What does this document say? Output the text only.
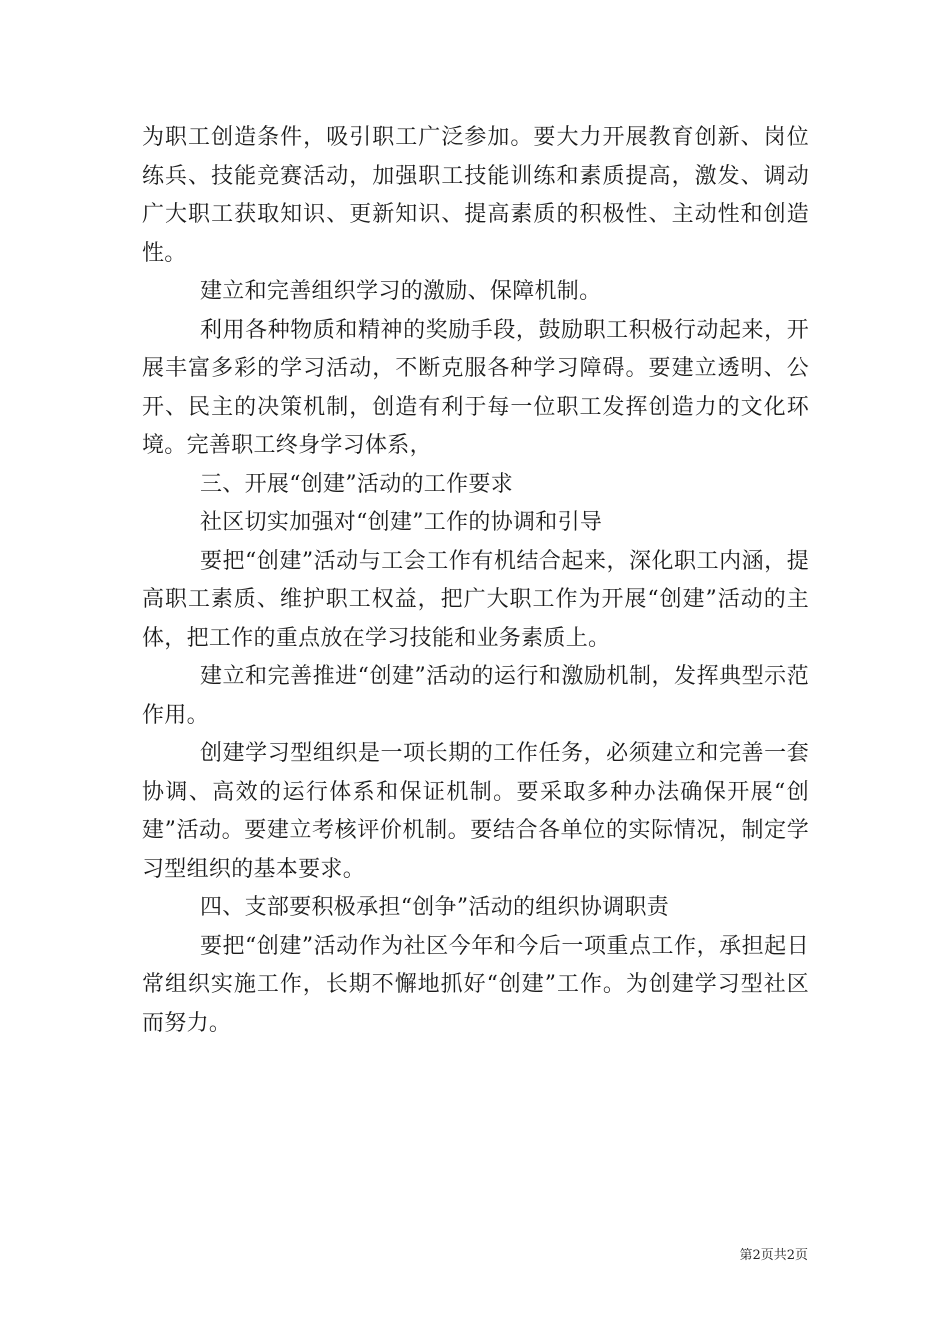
为职工创造条件，吸引职工广泛参加。要大力开展教育创新、岗位练兵、技能竞赛活动，加强职工技能训练和素质提高，激发、调动广大职工获取知识、更新知识、提高素质的积极性、主动性和创造性。

建立和完善组织学习的激励、保障机制。

利用各种物质和精神的奖励手段，鼓励职工积极行动起来，开展丰富多彩的学习活动，不断克服各种学习障碍。要建立透明、公开、民主的决策机制，创造有利于每一位职工发挥创造力的文化环境。完善职工终身学习体系，

三、开展“创建”活动的工作要求

社区切实加强对“创建”工作的协调和引导

要把“创建”活动与工会工作有机结合起来，深化职工内涵，提高职工素质、维护职工权益，把广大职工作为开展“创建”活动的主体，把工作的重点放在学习技能和业务素质上。

建立和完善推进“创建”活动的运行和激励机制，发挥典型示范作用。

创建学习型组织是一项长期的工作任务，必须建立和完善一套协调、高效的运行体系和保证机制。要采取多种办法确保开展“创建”活动。要建立考核评价机制。要结合各单位的实际情况，制定学习型组织的基本要求。

四、支部要积极承担“创争”活动的组织协调职责

要把“创建”活动作为社区今年和今后一项重点工作，承担起日常组织实施工作，长期不懈地抓好“创建”工作。为创建学习型社区而努力。

第2页共2页
